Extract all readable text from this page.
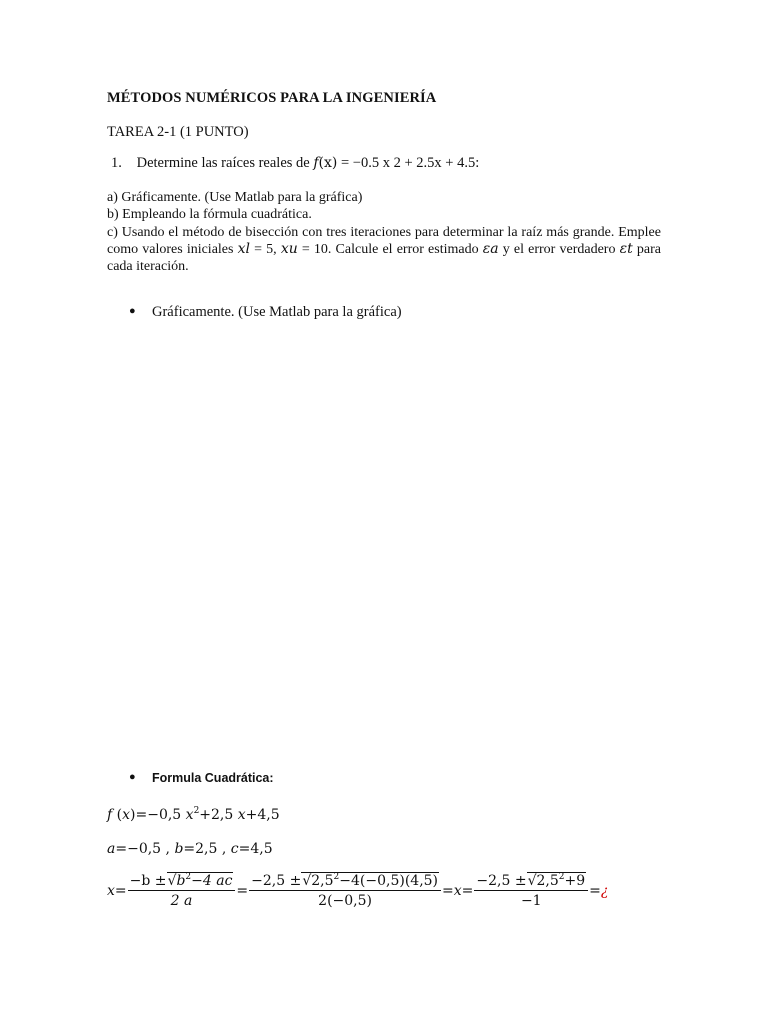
MÉTODOS NUMÉRICOS PARA LA INGENIERÍA
TAREA 2-1 (1 PUNTO)
1. Determine las raíces reales de f(x) = −0.5 x 2 + 2.5x + 4.5:
a) Gráficamente. (Use Matlab para la gráfica)
b) Empleando la fórmula cuadrática.
c) Usando el método de bisección con tres iteraciones para determinar la raíz más grande. Emplee
como valores iniciales xl = 5, xu = 10. Calcule el error estimado εa y el error verdadero εt para
cada iteración.
● Gráficamente. (Use Matlab para la gráfica)
● Formula Cuadrática:
f (x)=−0,5 $x^2+2,5$ x+4,5
a=−0,5 , b=2,5 , c=4,5
$x = \frac{-b \pm√b^2-4 ac}{2 a} = \frac{-2,5 \pm√2,5^2-4(-0,5)(4,5)}{2(-0,5)} = x = \frac{-2,5 \pm√2,5^2+9}{-1}$ = ¿
